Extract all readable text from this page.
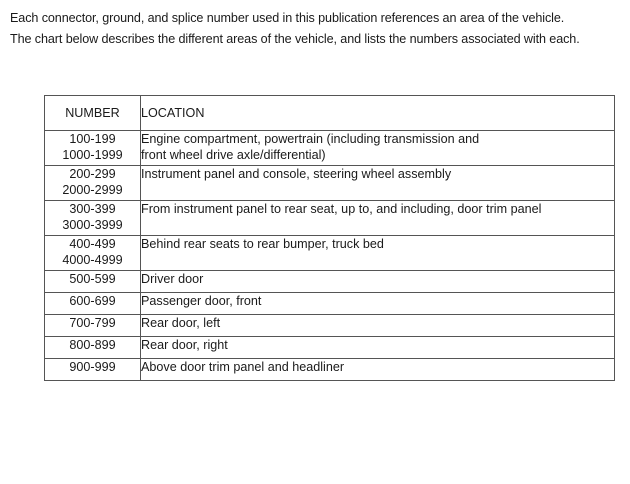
Each connector, ground, and splice number used in this publication references an area of the vehicle.

The chart below describes the different areas of the vehicle, and lists the numbers associated with each.

NUMBER	LOCATION

100-199
1000-1999	Engine compartment, powertrain (including transmission and
front wheel drive axle/differential)

200-299
2000-2999	Instrument panel and console, steering wheel assembly

300-399
3000-3999	From instrument panel to rear seat, up to, and including, door trim panel

400-499
4000-4999	Behind rear seats to rear bumper, truck bed

500-599	Driver door

600-699	Passenger door, front

700-799	Rear door, left

800-899	Rear door, right

900-999	Above door trim panel and headliner
